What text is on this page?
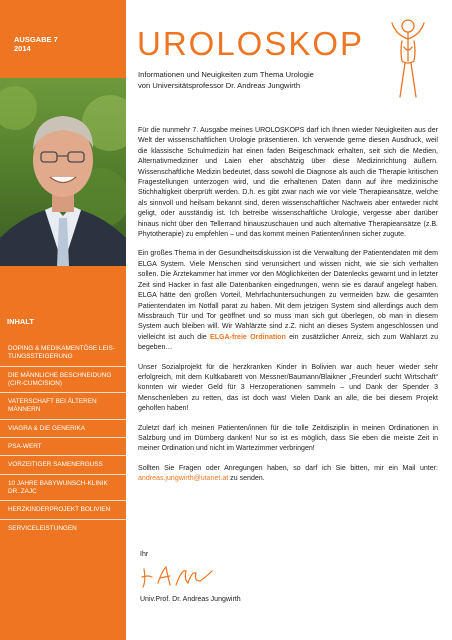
AUSGABE 7
2014
INHALT
DOPING & MEDIKAMENTÖSE LEIS-TUNGSSTEIGERUNG
DIE MÄNNLICHE BESCHNEIDUNG (CIR-CUMCISION)
VATERSCHAFT BEI ÄLTEREN MÄNNERN
VIAGRA & DIE GENERIKA
PSA-WERT
VORZEITIGER SAMENERGUSS
10 JAHRE BABYWUNSCH-KLINIK DR. ZAJC
HERZKINDERPROJEKT BOLIVIEN
SERVICELEISTUNGEN
UROLOSKOP
Informationen und Neuigkeiten zum Thema Urologie
von Universitätsprofessor Dr. Andreas Jungwirth

Für die nunmehr 7. Ausgabe meines UROLOSKOPS darf ich Ihnen wieder Neuigkeiten aus der Welt der wissenschaftlichen Urologie präsentieren. Ich verwende gerne diesen Ausdruck, weil die klassische Schulmedizin hat einen faden Beigeschmack erhalten, seit sich die Medien, Alternativmediziner und Laien eher abschätzig über diese Medizinrichtung äußern. Wissenschaftliche Medizin bedeutet, dass sowohl die Diagnose als auch die Therapie kritischen Fragestellungen unterzogen wird, und die erhaltenen Daten dann auf ihre medizinische Stichhaltigkeit überprüft werden. D.h. es gibt zwar nach wie vor viele Therapieansätze, welche als sinnvoll und heilsam bekannt sind, deren wissenschaftlicher Nachweis aber entweder nicht geligt, oder ausständig ist. Ich betreibe wissenschaftliche Urologie, vergesse aber darüber hinaus nicht über den Tellerrand hinauszuschauen und auch alternative Therapieansätze (z.B. Phytotherapie) zu empfehlen – und das kommt meinen Patienten/innen sicher zugute.

Ein großes Thema in der Gesundheitsdiskussion ist die Verwaltung der Patientendaten mit dem ELGA System. Viele Menschen sind verunsichert und wissen nicht, wie sie sich verhalten sollen. Die Ärztekammer hat immer vor den Möglichkeiten der Datenlecks gewarnt und in letzter Zeit sind Hacker in fast alle Datenbanken eingedrungen, wenn sie es darauf angelegt haben. ELGA hätte den großen Vorteil, Mehrfachuntersuchungen zu vermeiden bzw. die gesamten Patientendaten im Notfall parat zu haben. Mit dem jetzigen System sind allerdings auch dem Missbrauch Tür und Tor geöffnet und so muss man sich gut überlegen, ob man in diesem System auch bleiben will. Wir Wahlärzte sind z.Z. nicht an dieses System angeschlossen und vielleicht ist auch die ELGA-freie Ordination ein zusätzlicher Anreiz, sich zum Wahlarzt zu begeben…

Unser Sozialprojekt für die herzkranken Kinder in Bolivien war auch heuer wieder sehr erfolgreich, mit dem Kultkabarett von Messner/Baumann/Blaikner „Freunderl sucht Wirtschaft“ konnten wir wieder Geld für 3 Herzoperationen sammeln – und Dank der Spender 3 Menschenleben zu retten, das ist doch was! Vielen Dank an alle, die bei diesem Projekt geholfen haben!

Zuletzt darf ich meinen Patienten/innen für die tolle Zeitdisziplin in meinen Ordinationen in Salzburg und im Dürnberg danken! Nur so ist es möglich, dass Sie eben die meiste Zeit in meiner Ordination und nicht im Wartezimmer verbringen!

Sollten Sie Fragen oder Anregungen haben, so darf ich Sie bitten, mir ein Mail unter: andreas.jungwirth@utanet.at zu senden.

Ihr
Univ.Prof. Dr. Andreas Jungwirth
